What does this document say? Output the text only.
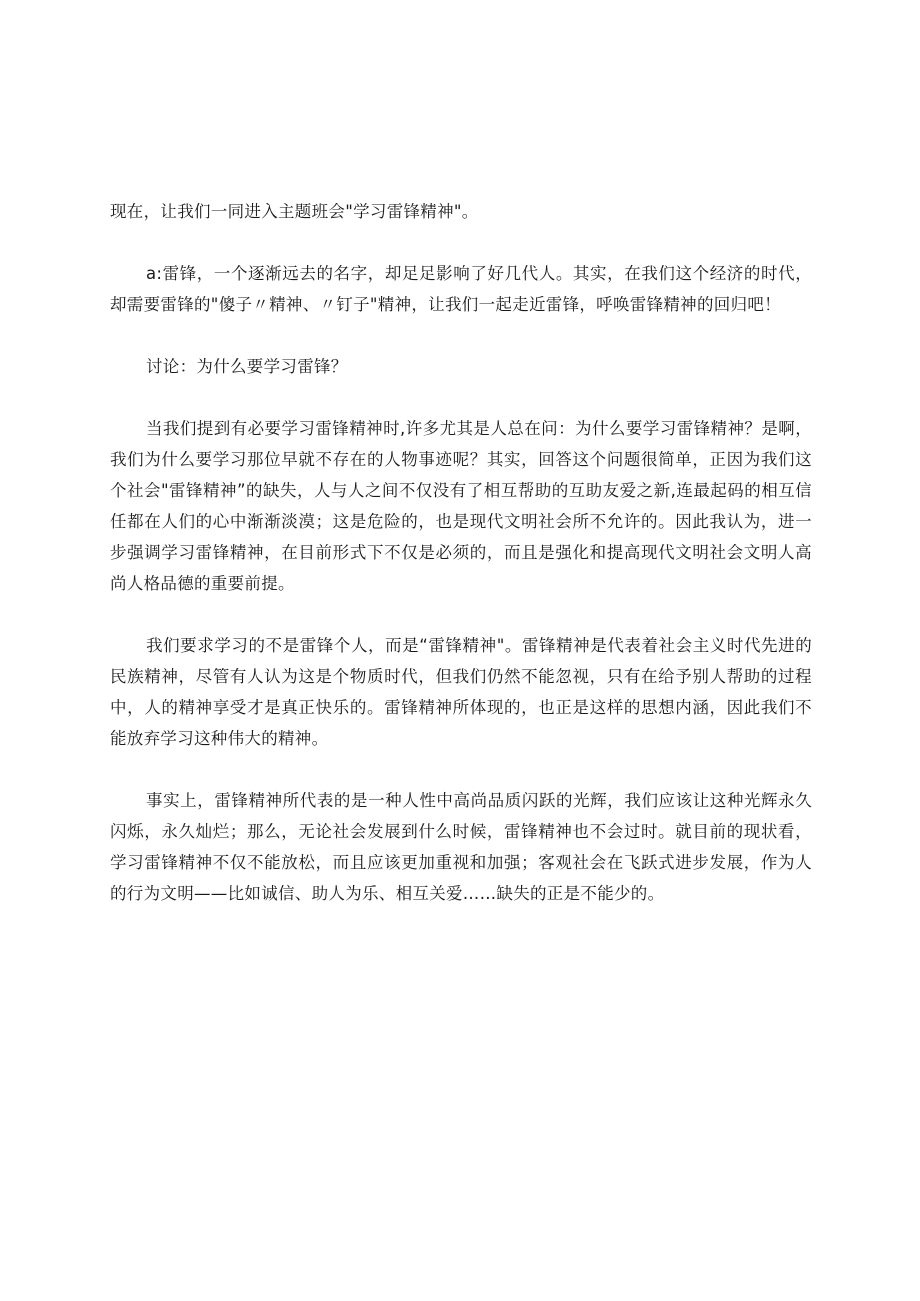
现在，让我们一同进入主题班会"学习雷锋精神"。

a:雷锋，一个逐渐远去的名字，却足足影响了好几代人。其实，在我们这个经济的时代，却需要雷锋的"傻子〃精神、〃钉子"精神，让我们一起走近雷锋，呼唤雷锋精神的回归吧！

讨论：为什么要学习雷锋？

当我们提到有必要学习雷锋精神时,许多尤其是人总在问：为什么要学习雷锋精神？是啊，我们为什么要学习那位早就不存在的人物事迹呢？其实，回答这个问题很简单，正因为我们这个社会"雷锋精神”的缺失，人与人之间不仅没有了相互帮助的互助友爱之新,连最起码的相互信任都在人们的心中渐渐淡漠；这是危险的，也是现代文明社会所不允许的。因此我认为，进一步强调学习雷锋精神，在目前形式下不仅是必须的，而且是强化和提高现代文明社会文明人高尚人格品德的重要前提。

我们要求学习的不是雷锋个人，而是“雷锋精神"。雷锋精神是代表着社会主义时代先进的民族精神，尽管有人认为这是个物质时代，但我们仍然不能忽视，只有在给予别人帮助的过程中，人的精神享受才是真正快乐的。雷锋精神所体现的，也正是这样的思想内涵，因此我们不能放弃学习这种伟大的精神。

事实上，雷锋精神所代表的是一种人性中高尚品质闪跃的光辉，我们应该让这种光辉永久闪烁，永久灿烂；那么，无论社会发展到什么时候，雷锋精神也不会过时。就目前的现状看，学习雷锋精神不仅不能放松，而且应该更加重视和加强；客观社会在飞跃式进步发展，作为人的行为文明——比如诚信、助人为乐、相互关爱……缺失的正是不能少的。
